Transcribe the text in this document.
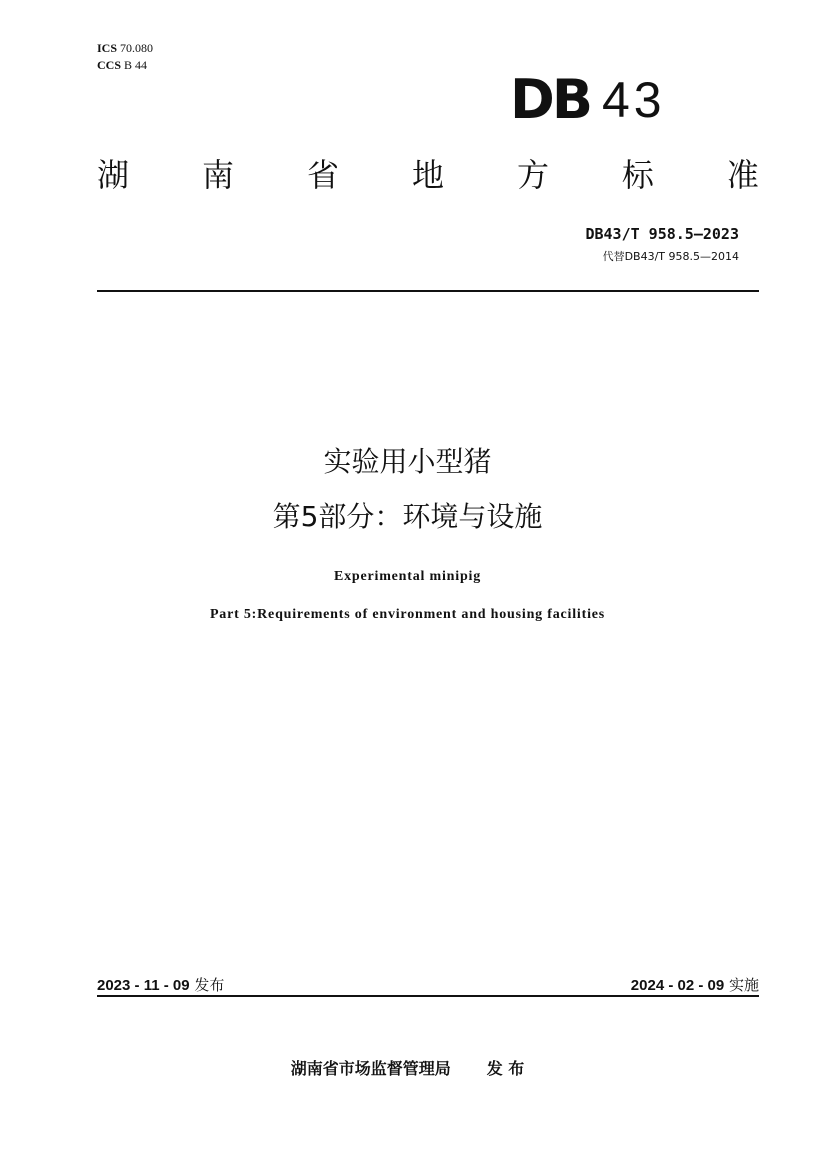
ICS 70.080
CCS B 44
DB 43
湖 南 省 地 方 标 准
DB43/T 958.5—2023
代替DB43/T 958.5—2014
实验用小型猪
第5部分：环境与设施
Experimental minipig
Part 5:Requirements of environment and housing facilities
2023 - 11 - 09 发布	2024 - 02 - 09 实施
湖南省市场监督管理局 发 布
